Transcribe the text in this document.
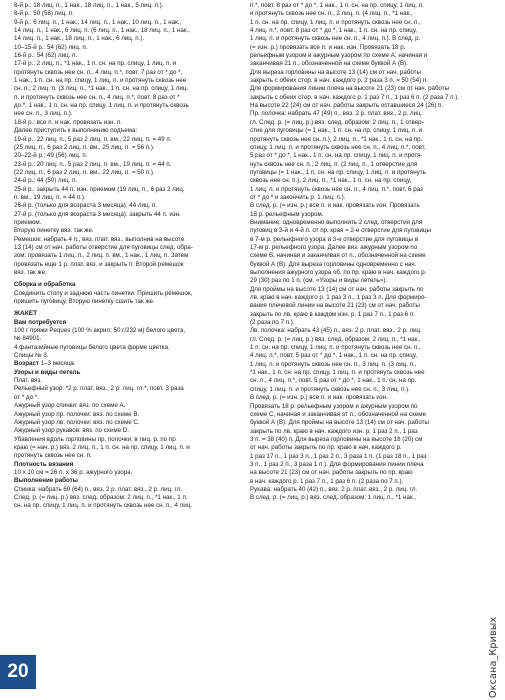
8-й р.: 18 лиц. п., 1 нак., 18 лиц. п., 1 нак., 5 лиц. п.).

8-й р.: 50 (58) лиц. п.

9-й р.: 6 лиц. п., 1 нак., 14 лиц. п., 1 нак., 10 лиц. п., 1 нак.,

14 лиц. п., 1 нак., 6 лиц. п. (6 лиц. п., 1 нак., 18 лиц. п., 1 нак.,

14 лиц. п., 1 нак., 18 лиц. п., 1 нак., 6 лиц. п.).

10–15-й р.: 54 (62) лиц. п.

16-й р.: 54 (62) лиц. п.

17-й р.: 2 лиц. п., *1 нак., 1 п. сн. на пр. спицу, 1 лиц. п. и

протянуть сквозь нее сн. п., 4 лиц. п.*, повт. 7 раз от * до *,

1 нак., 1 п. сн. на пр. спицу, 1 лиц. п. и протянуть сквозь нее

сн. п., 2 лиц. п. (3 лиц. п., *1 нак., 1 п. сн. на пр. спицу, 1 лиц.

п. и протянуть сквозь нее сн. п., 4 лиц. п.*, повт. 8 раз от *

до *, 1 нак., 1 п. сн. на пр. спицу, 1 лиц. п. и протянуть сквозь

нее сн. п., 3 лиц. п.).

18-й р.: все п. и нак. провязать изн. п.

Далее приступить к выполнению подъема:

19-й р.: 22 лиц. п., 5 раз 2 лиц. п. вм., 22 лиц. п. = 49 п.

(25 лиц. п., 6 раз 2 лиц. п. вм., 25 лиц. п. = 56 п.).

20–22-й р.: 49 (56) лиц. п.

23-й р.: 20 лиц. п., 5 раз 2 лиц. п. вм., 19 лиц. п. = 44 п.

(22 лиц. п., 6 раз 2 лиц. п. вм., 22 лиц. п. = 50 п.).

24-й р.: 44 (50) лиц. п.

25-й р.: закрыть 44 п. изн. приемом (19 лиц. п., 6 раз 2 лиц.

п. вм., 19 лиц. п. = 44 п.).

26-й р. (только для возраста 3 месяца): 44 лиц. п.

27-й р. (только для возраста 3 месяца): закрыть 44 п. изн.

приемом.

Вторую пинетку вяз. так же.

Ремешок: набрать 4 п., вяз. плат. вяз., выполнив на высоте

13 (14) см от нач. работы отверстие для пуговицы след. обра-

зом: провязать 1 лиц. п., 2 лиц. п. вм., 1 нак., 1 лиц. п. Затем

провязать еще 1 р. плат. вяз. и закрыть п. Второй ремешок

вяз. так же.

Сборка и обработка

Соединить стопу и заднюю часть пинетки. Пришить ремешок,

пришить пуговицу. Вторую пинетку сшить так же.

ЖАКЕТ

Вам потребуется

100 г пряжи Peques (100 % акрил; 50 г/232 м) белого цвета,

№ 84901.

4 фантазийные пуговицы белого цвета форме цветка.

Спицы № 3.

Возраст 1–3 месяца.

Узоры и виды петель

Плат. вяз.

Рельефный узор: *2 р. плат. вяз., 2 р. лиц. гл.*, повт. 3 раза

от * до *.

Ажурный узор спинки: вяз. по схеме А.

Ажурный узор пр. полочки: вяз. по схеме В.

Ажурный узор лв. полочки: вяз. по схеме С.

Ажурный узор рукавов: вяз. по схеме D.

Убавления вдоль горловины пр. полочки: в лиц. р. по пр

краю (= нач. р.) вяз. 2 лиц. п., 1 п. сн. на пр. спицу, 1 лиц. п. и

протянуть сквозь нее сн. п.

Плотность вязания

10 x 10 см = 26 п. x 36 р. ажурного узора.

Выполнение работы

Спинка: набрать 60 (64) п., вяз. 2 р. плат. вяз., 2 р. лиц. гл.

След. р. (= лиц. р.) вяз. след. образом: 2 лиц. п., *1 нак., 1 п.

сн. на пр. спицу, 1 лиц. п. и протянуть сквозь нее сн. п., 4 лиц.

п.*, повт. 8 раз от * до *, 1 нак., 1 п. сн. на пр. спицу, 1 лиц. п.

и протянуть сквозь нее сн. п., 2 лиц. п. (4 лиц. п., *1 нак.,

1 п. сн. на пр. спицу, 1 лиц. п. и протянуть сквозь нее сн. п.,

4 лиц. п.*, повт. 8 раз от * до *, 1 нак., 1 п. сн. на пр. спицу,

1 лиц. п. и протянуть сквозь нее сн. п., 4 лиц. п.). В след. р.

(= изн. р.) провязать все п. и нак. изн. Провязать 18 р.

рельефным узором и ажурным узором по схеме А, начиная и

заканчивая 21 п., обозначенной на схеме буквой А (В).

Для выреза горловины на высоте 13 (14) см от нач. работы

закрыть с обеих стор. в нач. каждого р. 2 раза 3 п. = 50 (54) п.

Для формирования линии плеча на высоте 21 (23) см от нач. работы

закрыть с обеих стор. в нач. каждого р. 1 раз 7 п., 1 раз 6 п. (2 раза 7 п.).

На высоте 22 (24) см от нач. работы закрыть оставшиеся 24 (26) п.

Пр. полочка: набрать 47 (49) п., вяз. 2 р. плат. вяз., 2 р. лиц.

гл. След. р. (= лиц. р.) вяз. след. образом: 2 лиц. п., 1 отвер-

стие для пуговицы (= 1 нак., 1 п. сн. на пр. спицу, 1 лиц. п. и

протянуть сквозь нее сн. п.), 2 лиц. п., *1 нак., 1 п. сн. на пр.

спицу, 1 лиц. п. и протянуть сквозь нее сн. п., 4 лиц. п.*, повт.

5 раз от * до *, 1 нак., 1 п. сн. на пр. спицу, 1 лиц. п. и протя-

нуть сквозь нее сн. п., 2 лиц. п. (2 лиц. п., 1 отверстие для

пуговицы (= 1 нак., 1 п. сн. на пр. спицу, 1 лиц. п. и протянуть

сквозь нее сн. п.), 2 лиц. п., *1 нак., 1 п. сн. на пр. спицу,

1 лиц. п. и протянуть сквозь нее сн. п., 4 лиц. п.*, повт. 6 раз

от * до * и закончить р. 1 лиц. п.).

В след. р. (= изн. р.) все п. и нак. провязать изн. Провязать

18 р. рельефным узором.

Внимание: одновременно выполнить 2 след. отверстия для

пуговиц в 3-й и 4-й п. от пр. края = 2-е отверстие для пуговицы

в 7-м р. рельефного узора и 3-е отверстие для пуговицы в

17-м р. рельефного узора. Далее вяз. ажурным узором по

схеме В, начиная и заканчивая от п., обозначенной на схеме

буквой А (В). Для выреза горловины одновременно с нач.

выполнения ажурного узора об. по пр. краю в нач. каждого р.

29 (30) раз по 1 п. (см. «Узоры и виды петель»).

Для проймы на высоте 13 (14) см от нач. работы закрыть по

лв. краю в нач. каждого р. 1 раз 3 п., 1 раз 3 п. Для формиро-

вания плечевой линии на высоте 21 (23) см от нач. работы

закрыть по лв. краю в каждом изн. р. 1 раз 7 п., 1 раз 6 п.

(2 раза по 7 п.).

Лв. полочка: набрать 43 (45) п., вяз. 2 р. плат. вяз., 2 р. лиц.

гл. След. р. (= лиц. р.) вяз. след. образом: 2 лиц. п., *1 нак.,

1 п. сн. на пр. спицу, 1 лиц. п. и протянуть сквозь нее сн. п.,

4 лиц. п.*, повт. 5 раз от * до *, 1 нак., 1 п. сн. на пр. спицу,

1 лиц. п. и протянуть сквозь нее сн. п., 3 лиц. п. (3 лиц. п.,

*1 нак., 1 п. сн. на пр. спицу, 1 лиц. п. и протянуть сквозь нее

сн. п., 4 лиц. п.*, повт. 5 раз от * до *, 1 нак., 1 п. сн. на пр.

спицу, 1 лиц. п. и протянуть сквозь нее сн. п., 3 лиц. п.).

В след. р. (= изн. р.) все п. и нак. провязать изн.

Провязать 18 р. рельефным узором и ажурным узором по

схеме С, начиная и заканчивая от п., обозначенной на схеме

буквой А (В). Для проймы на высоте 13 (14) см от нач. работы

закрыть по лв. краю в нач. каждого изн. р. 1 раз 2 п., 1 раз

3 п. = 38 (40) п. Для выреза горловины на высоте 18 (20) см

от нач. работы закрыть по пр. краю в нач. каждого р.

1 раз 17 п., 1 раз 3 п., 1 раз 2 п., 3 раза 1 п. (1 раз 18 п., 1 раз

3 п., 1 раз 2 п., 3 раза 1 п.). Для формирования линии плеча

на высоте 21 (23) см от нач. работы закрыть по пр. краю

в нач. каждого р. 1 раз 7 п., 1 раз 6 п. (2 раза по 7 п.).

Рукава: набрать 40 (42) п., вяз. 2 р. плат. вяз., 2 р. лиц. гл.

В след. р. (= лиц. р.) вяз. след. образом: 1 лиц. п., *1 нак.,

20	Оксана_Кривых
